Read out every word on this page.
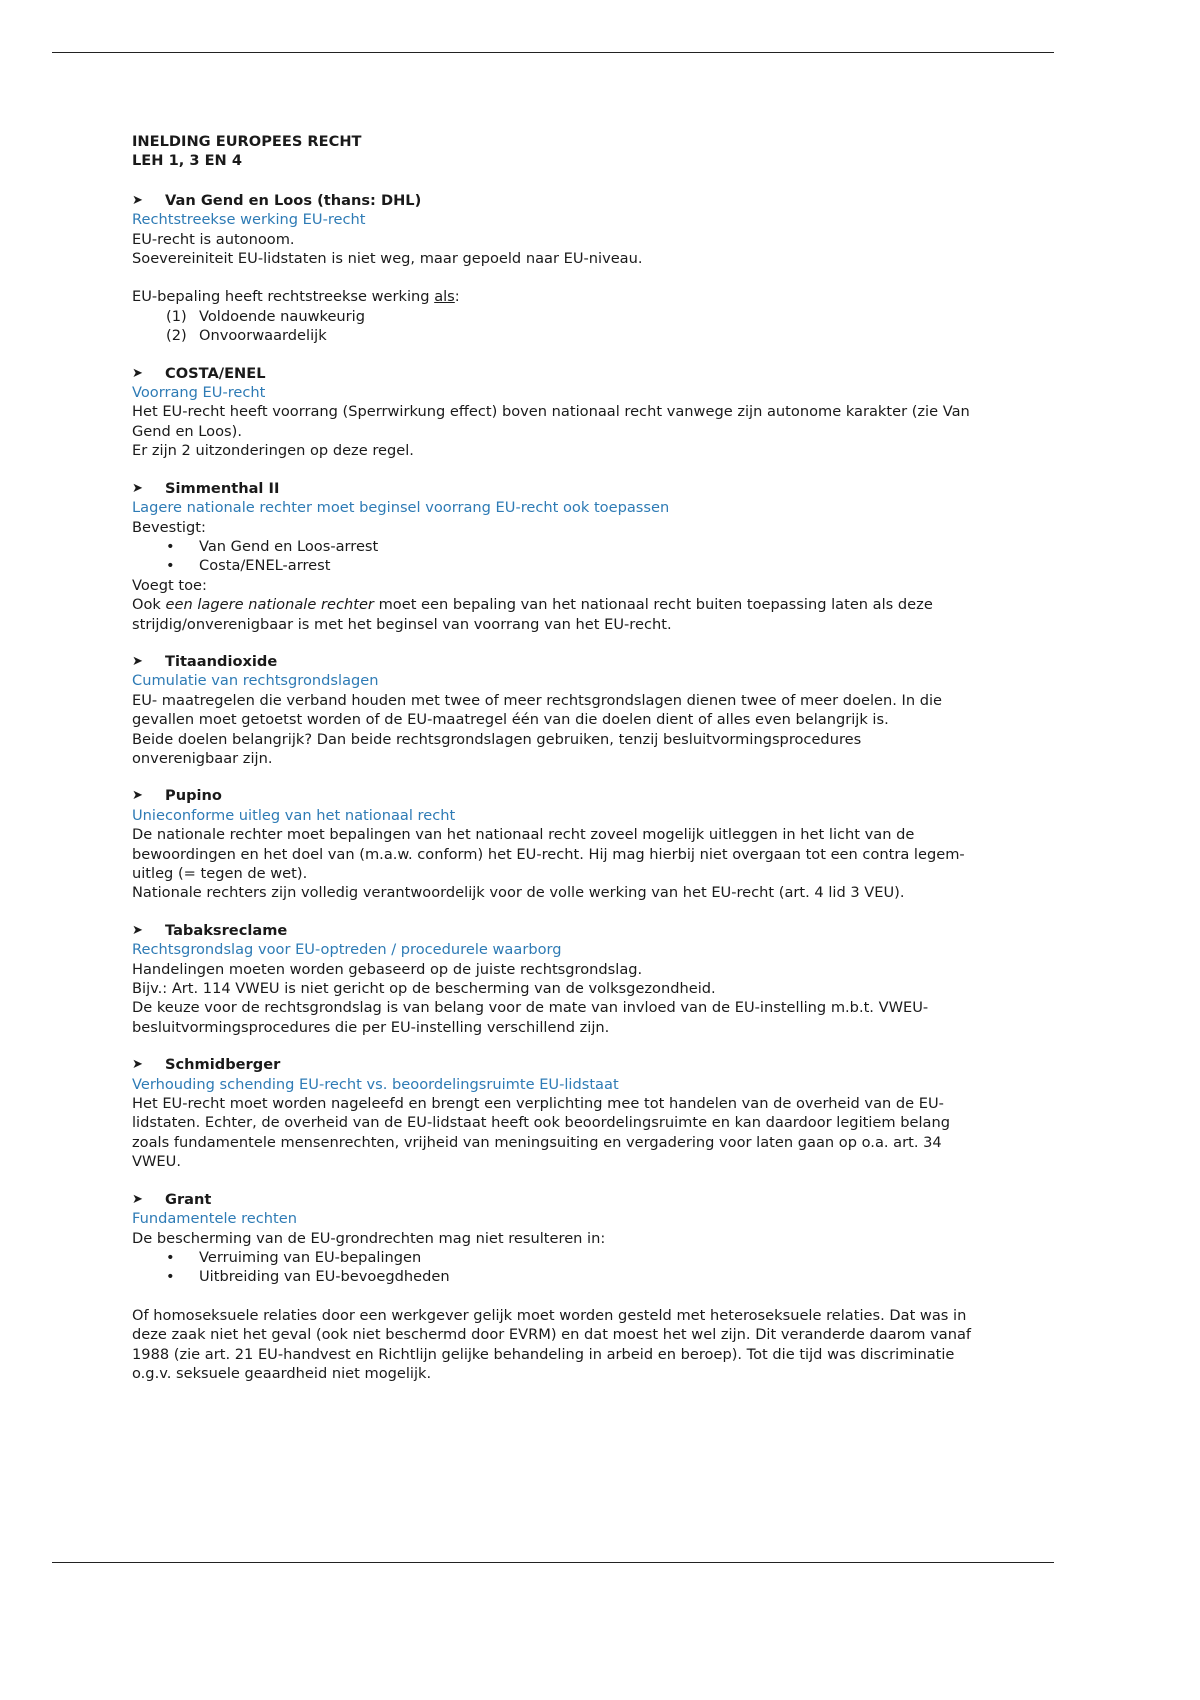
INELDING EUROPEES RECHT

LEH 1, 3 EN 4

➤	Van Gend en Loos (thans: DHL)

Rechtstreekse werking EU-recht

EU-recht is autonoom.

Soevereiniteit EU-lidstaten is niet weg, maar gepoeld naar EU-niveau.

EU-bepaling heeft rechtstreekse werking als:

(1) Voldoende nauwkeurig
(2) Onvoorwaardelijk
➤	COSTA/ENEL

Voorrang EU-recht

Het EU-recht heeft voorrang (Sperrwirkung effect) boven nationaal recht vanwege zijn autonome karakter (zie Van Gend en Loos).

Er zijn 2 uitzonderingen op deze regel.

➤	Simmenthal II

Lagere nationale rechter moet beginsel voorrang EU-recht ook toepassen

Bevestigt:

•	Van Gend en Loos-arrest
•	Costa/ENEL-arrest

Voegt toe:

Ook een lagere nationale rechter moet een bepaling van het nationaal recht buiten toepassing laten als deze strijdig/onverenigbaar is met het beginsel van voorrang van het EU-recht.

➤	Titaandioxide

Cumulatie van rechtsgrondslagen

EU- maatregelen die verband houden met twee of meer rechtsgrondslagen dienen twee of meer doelen. In die gevallen moet getoetst worden of de EU-maatregel één van die doelen dient of alles even belangrijk is.

Beide doelen belangrijk? Dan beide rechtsgrondslagen gebruiken, tenzij besluitvormingsprocedures onverenigbaar zijn.

➤	Pupino

Unieconforme uitleg van het nationaal recht

De nationale rechter moet bepalingen van het nationaal recht zoveel mogelijk uitleggen in het licht van de bewoordingen en het doel van (m.a.w. conform) het EU-recht. Hij mag hierbij niet overgaan tot een contra legem-uitleg (= tegen de wet).

Nationale rechters zijn volledig verantwoordelijk voor de volle werking van het EU-recht (art. 4 lid 3 VEU).

➤	Tabaksreclame

Rechtsgrondslag voor EU-optreden / procedurele waarborg

Handelingen moeten worden gebaseerd op de juiste rechtsgrondslag.

Bijv.: Art. 114 VWEU is niet gericht op de bescherming van de volksgezondheid.

De keuze voor de rechtsgrondslag is van belang voor de mate van invloed van de EU-instelling m.b.t. VWEU-besluitvormingsprocedures die per EU-instelling verschillend zijn.

➤	Schmidberger

Verhouding schending EU-recht vs. beoordelingsruimte EU-lidstaat

Het EU-recht moet worden nageleefd en brengt een verplichting mee tot handelen van de overheid van de EU-lidstaten. Echter, de overheid van de EU-lidstaat heeft ook beoordelingsruimte en kan daardoor legitiem belang zoals fundamentele mensenrechten, vrijheid van meningsuiting en vergadering voor laten gaan op o.a. art. 34 VWEU.

➤	Grant

Fundamentele rechten

De bescherming van de EU-grondrechten mag niet resulteren in:

•	Verruiming van EU-bepalingen
•	Uitbreiding van EU-bevoegdheden

Of homoseksuele relaties door een werkgever gelijk moet worden gesteld met heteroseksuele relaties. Dat was in deze zaak niet het geval (ook niet beschermd door EVRM) en dat moest het wel zijn. Dit veranderde daarom vanaf 1988 (zie art. 21 EU-handvest en Richtlijn gelijke behandeling in arbeid en beroep). Tot die tijd was discriminatie o.g.v. seksuele geaardheid niet mogelijk.
